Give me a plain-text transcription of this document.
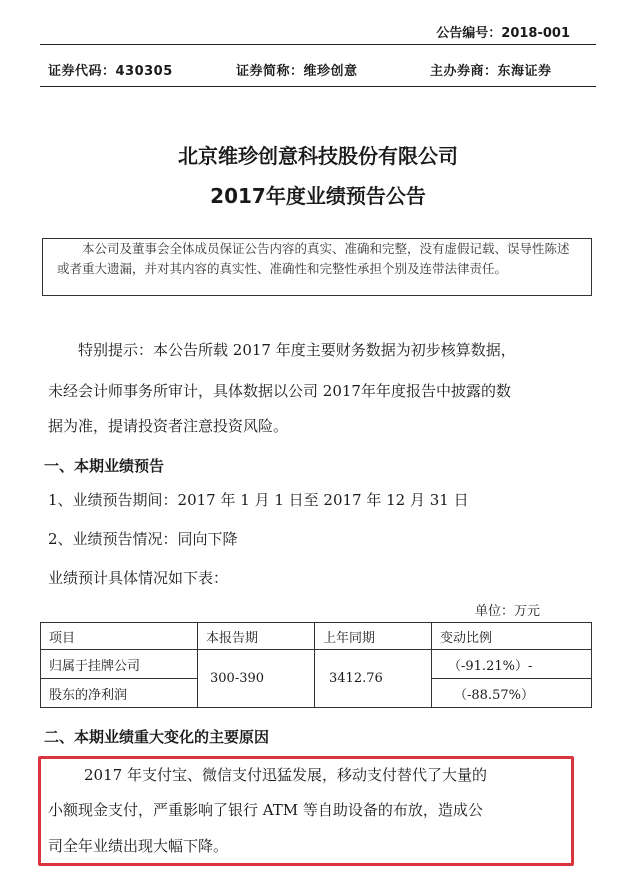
公告编号：2018-001
证券代码：430305	证券简称：维珍创意	主办券商：东海证券
北京维珍创意科技股份有限公司
2017年度业绩预告公告
本公司及董事会全体成员保证公告内容的真实、准确和完整，没有虚假记载、误导性陈述或者重大遗漏，并对其内容的真实性、准确性和完整性承担个别及连带法律责任。
特别提示：本公告所载 2017 年度主要财务数据为初步核算数据，
未经会计师事务所审计，具体数据以公司 2017年年度报告中披露的数
据为准，提请投资者注意投资风险。
一、本期业绩预告
1、业绩预告期间：2017 年 1 月 1 日至 2017 年 12 月 31 日
2、业绩预告情况：同向下降
业绩预计具体情况如下表：
单位：万元
项目	本报告期	上年同期	变动比例
归属于挂牌公司	300-390	3412.76	（-91.21%）-
股东的净利润			（-88.57%）
二、本期业绩重大变化的主要原因
2017 年支付宝、微信支付迅猛发展，移动支付替代了大量的
小额现金支付，严重影响了银行 ATM 等自助设备的布放，造成公
司全年业绩出现大幅下降。
